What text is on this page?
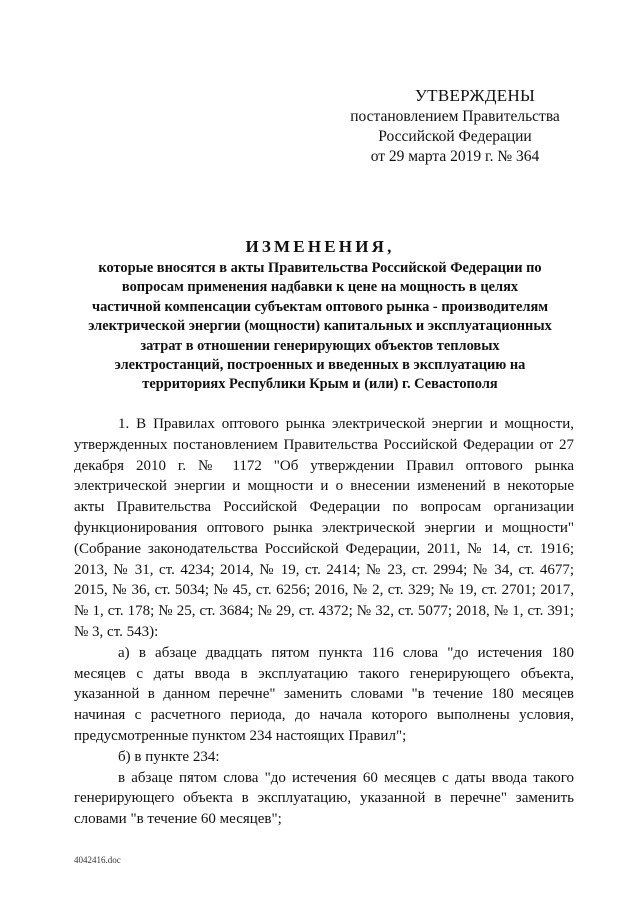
УТВЕРЖДЕНЫ
постановлением Правительства
Российской Федерации
от 29 марта 2019 г. № 364
ИЗМЕНЕНИЯ,
которые вносятся в акты Правительства Российской Федерации по
вопросам применения надбавки к цене на мощность в целях
частичной компенсации субъектам оптового рынка - производителям
электрической энергии (мощности) капитальных и эксплуатационных
затрат в отношении генерирующих объектов тепловых
электростанций, построенных и введенных в эксплуатацию на
территориях Республики Крым и (или) г. Севастополя

1. В Правилах оптового рынка электрической энергии и мощности, утвержденных постановлением Правительства Российской Федерации от 27 декабря 2010 г. № 1172 "Об утверждении Правил оптового рынка электрической энергии и мощности и о внесении изменений в некоторые акты Правительства Российской Федерации по вопросам организации функционирования оптового рынка электрической энергии и мощности" (Собрание законодательства Российской Федерации, 2011, № 14, ст. 1916; 2013, № 31, ст. 4234; 2014, № 19, ст. 2414; № 23, ст. 2994; № 34, ст. 4677; 2015, № 36, ст. 5034; № 45, ст. 6256; 2016, № 2, ст. 329; № 19, ст. 2701; 2017, № 1, ст. 178; № 25, ст. 3684; № 29, ст. 4372; № 32, ст. 5077; 2018, № 1, ст. 391; № 3, ст. 543):

а) в абзаце двадцать пятом пункта 116 слова "до истечения 180 месяцев с даты ввода в эксплуатацию такого генерирующего объекта, указанной в данном перечне" заменить словами "в течение 180 месяцев начиная с расчетного периода, до начала которого выполнены условия, предусмотренные пунктом 234 настоящих Правил";

б) в пункте 234:

в абзаце пятом слова "до истечения 60 месяцев с даты ввода такого генерирующего объекта в эксплуатацию, указанной в перечне" заменить словами "в течение 60 месяцев";

4042416.doc
